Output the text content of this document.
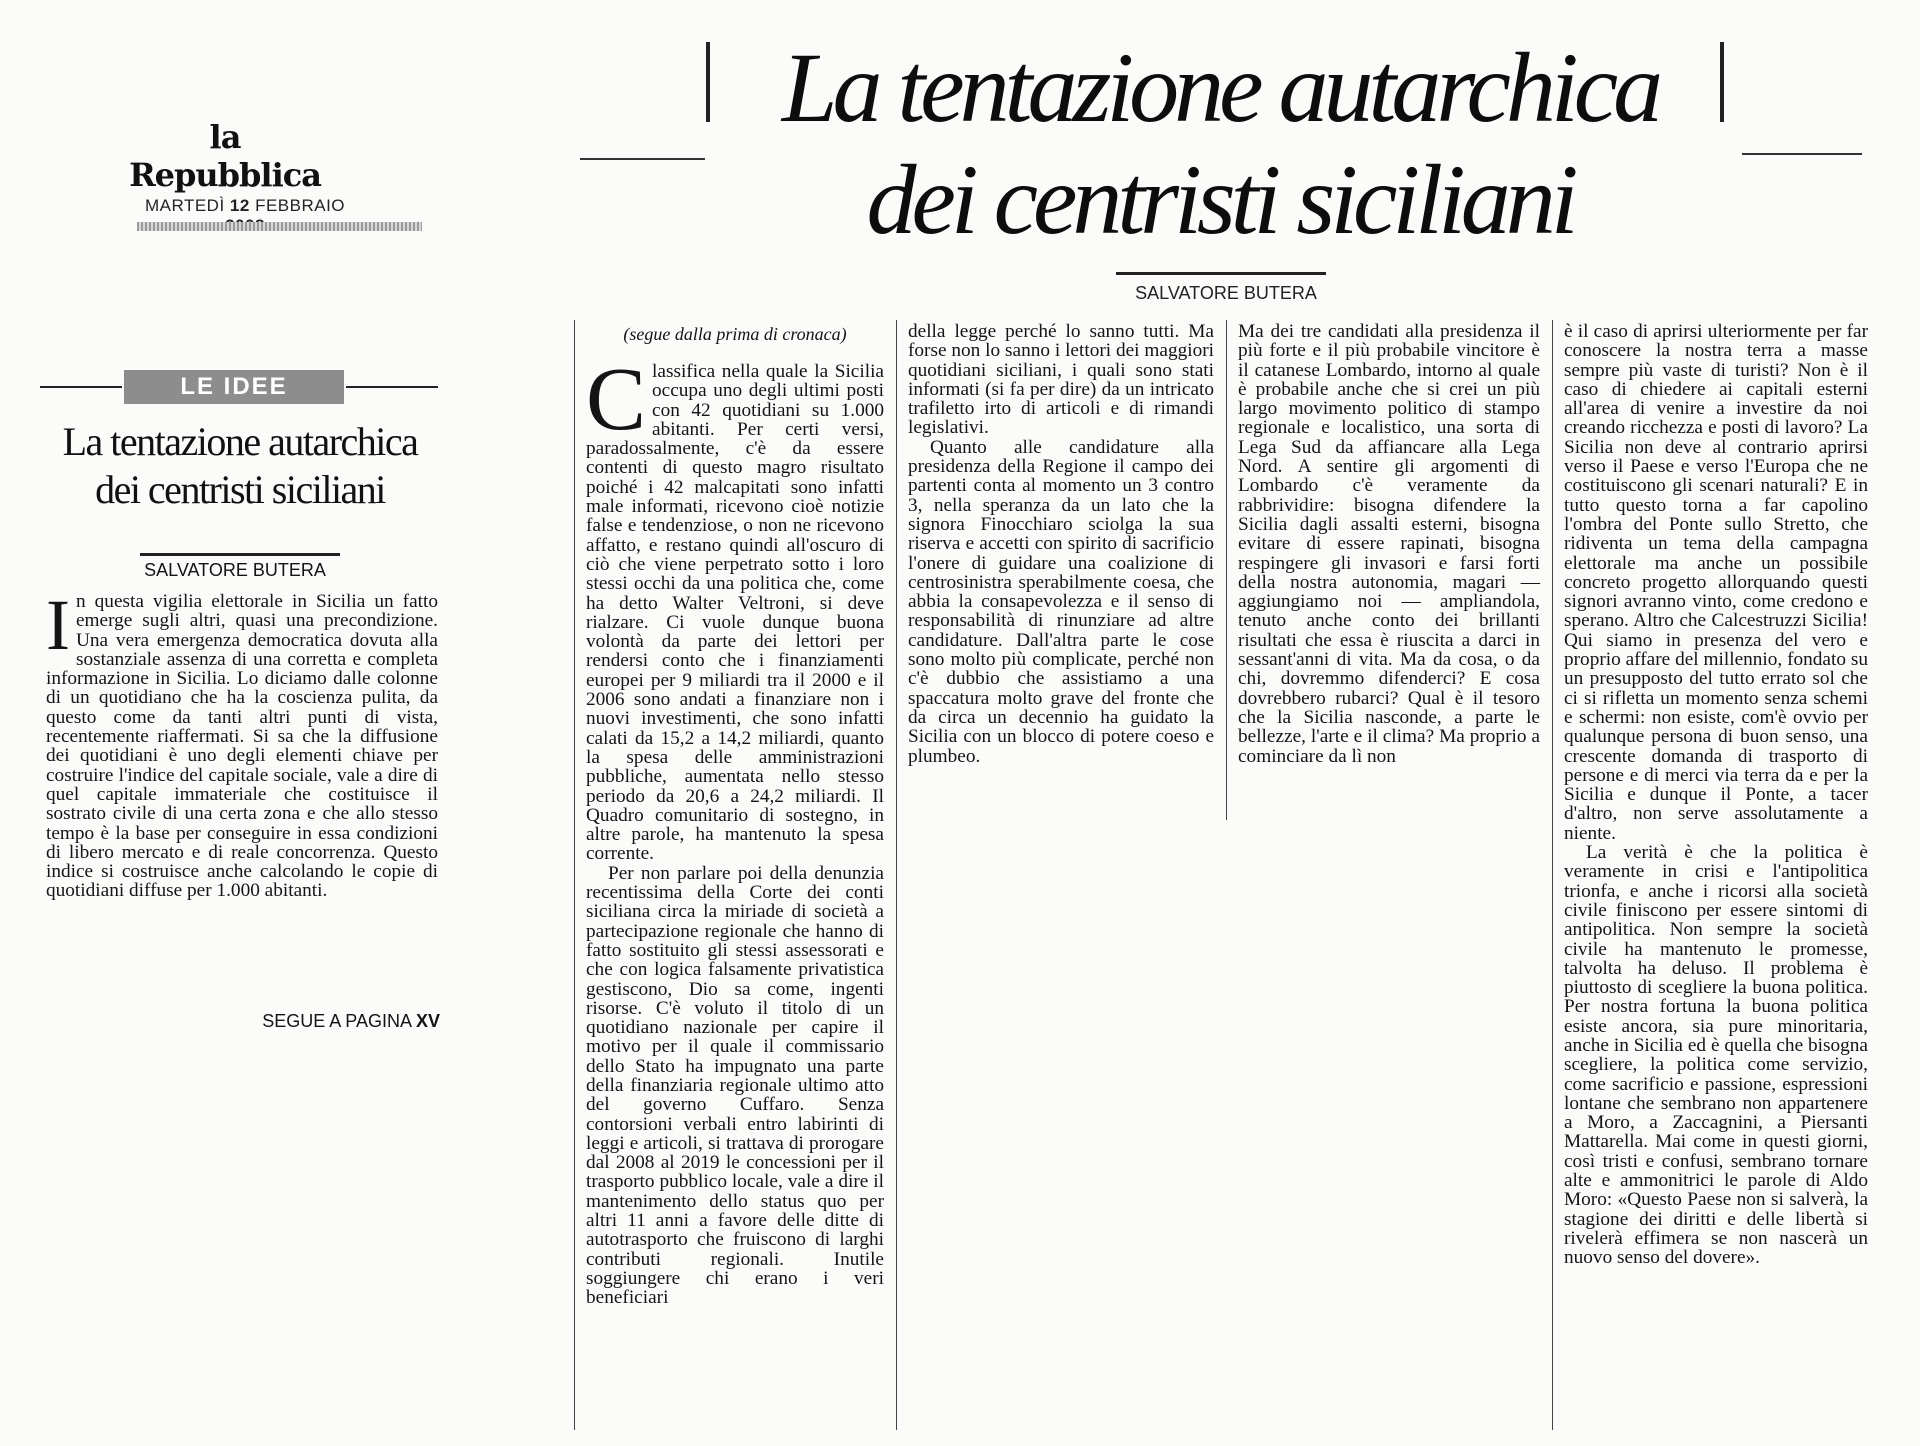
la Repubblica
MARTEDÌ 12 FEBBRAIO
La tentazione autarchica
dei centristi siciliani
SALVATORE BUTERA
(segue dalla prima di cronaca)
LE IDEE
La tentazione autarchica
dei centristi siciliani
SALVATORE BUTERA

In questa vigilia elettorale in Sicilia un fatto emerge sugli altri, quasi una precondizione. Una vera emergenza democratica dovuta alla sostanziale assenza di una corretta e completa informazione in Sicilia. Lo diciamo dalle colonne di un quotidiano che ha la coscienza pulita, da questo come da tanti altri punti di vista, recentemente riaffermati. Si sa che la diffusione dei quotidiani è uno degli elementi chiave per costruire l'indice del capitale sociale, vale a dire di quel capitale immateriale che costituisce il sostrato civile di una certa zona e che allo stesso tempo è la base per conseguire in essa condizioni di libero mercato e di reale concorrenza. Questo indice si costruisce anche calcolando le copie di quotidiani diffuse per 1.000 abitanti.

SEGUE A PAGINA XV

Classifica nella quale la Sicilia occupa uno degli ultimi posti con 42 quotidiani su 1.000 abitanti. Per certi versi, paradossalmente, c'è da essere contenti di questo magro risultato poiché i 42 malcapitati sono infatti male informati, ricevono cioè notizie false e tendenziose, o non ne ricevono affatto, e restano quindi all'oscuro di ciò che viene perpetrato sotto i loro stessi occhi da una politica che, come ha detto Walter Veltroni, si deve rialzare. Ci vuole dunque buona volontà da parte dei lettori per rendersi conto che i finanziamenti europei per 9 miliardi tra il 2000 e il 2006 sono andati a finanziare non i nuovi investimenti, che sono infatti calati da 15,2 a 14,2 miliardi, quanto la spesa delle amministrazioni pubbliche, aumentata nello stesso periodo da 20,6 a 24,2 miliardi. Il Quadro comunitario di sostegno, in altre parole, ha mantenuto la spesa corrente.

Per non parlare poi della denunzia recentissima della Corte dei conti siciliana circa la miriade di società a partecipazione regionale che hanno di fatto sostituito gli stessi assessorati e che con logica falsamente privatistica gestiscono, Dio sa come, ingenti risorse. C'è voluto il titolo di un quotidiano nazionale per capire il motivo per il quale il commissario dello Stato ha impugnato una parte della finanziaria regionale ultimo atto del governo Cuffaro. Senza contorsioni verbali entro labirinti di leggi e articoli, si trattava di prorogare dal 2008 al 2019 le concessioni per il trasporto pubblico locale, vale a dire il mantenimento dello status quo per altri 11 anni a favore delle ditte di autotrasporto che fruiscono di larghi contributi regionali. Inutile soggiungere chi erano i veri beneficiari

della legge perché lo sanno tutti. Ma forse non lo sanno i lettori dei maggiori quotidiani siciliani, i quali sono stati informati (si fa per dire) da un intricato trafiletto irto di articoli e di rimandi legislativi.

Quanto alle candidature alla presidenza della Regione il campo dei partenti conta al momento un 3 contro 3, nella speranza da un lato che la signora Finocchiaro sciolga la sua riserva e accetti con spirito di sacrificio l'onere di guidare una coalizione di centrosinistra sperabilmente coesa, che abbia la consapevolezza e il senso di responsabilità di rinunziare ad altre candidature. Dall'altra parte le cose sono molto più complicate, perché non c'è dubbio che assistiamo a una spaccatura molto grave del fronte che da circa un decennio ha guidato la Sicilia con un blocco di potere coeso e plumbeo.

Ma dei tre candidati alla presidenza il più forte e il più probabile vincitore è il catanese Lombardo, intorno al quale è probabile anche che si crei un più largo movimento politico di stampo regionale e localistico, una sorta di Lega Sud da affiancare alla Lega Nord. A sentire gli argomenti di Lombardo c'è veramente da rabbrividire: bisogna difendere la Sicilia dagli assalti esterni, bisogna evitare di essere rapinati, bisogna respingere gli invasori e farsi forti della nostra autonomia, magari — aggiungiamo noi — ampliandola, tenuto anche conto dei brillanti risultati che essa è riuscita a darci in sessant'anni di vita. Ma da cosa, o da chi, dovremmo difenderci? E cosa dovrebbero rubarci? Qual è il tesoro che la Sicilia nasconde, a parte le bellezze, l'arte e il clima? Ma proprio a cominciare da lì non

è il caso di aprirsi ulteriormente per far conoscere la nostra terra a masse sempre più vaste di turisti? Non è il caso di chiedere ai capitali esterni all'area di venire a investire da noi creando ricchezza e posti di lavoro? La Sicilia non deve al contrario aprirsi verso il Paese e verso l'Europa che ne costituiscono gli scenari naturali? E in tutto questo torna a far capolino l'ombra del Ponte sullo Stretto, che ridiventa un tema della campagna elettorale ma anche un possibile concreto progetto allorquando questi signori avranno vinto, come credono e sperano. Altro che Calcestruzzi Sicilia! Qui siamo in presenza del vero e proprio affare del millennio, fondato su un presupposto del tutto errato sol che ci si rifletta un momento senza schemi e schermi: non esiste, com'è ovvio per qualunque persona di buon senso, una crescente domanda di trasporto di persone e di merci via terra da e per la Sicilia e dunque il Ponte, a tacer d'altro, non serve assolutamente a niente.

La verità è che la politica è veramente in crisi e l'antipolitica trionfa, e anche i ricorsi alla società civile finiscono per essere sintomi di antipolitica. Non sempre la società civile ha mantenuto le promesse, talvolta ha deluso. Il problema è piuttosto di scegliere la buona politica. Per nostra fortuna la buona politica esiste ancora, sia pure minoritaria, anche in Sicilia ed è quella che bisogna scegliere, la politica come servizio, come sacrificio e passione, espressioni lontane che sembrano non appartenere a Moro, a Zaccagnini, a Piersanti Mattarella. Mai come in questi giorni, così tristi e confusi, sembrano tornare alte e ammonitrici le parole di Aldo Moro: «Questo Paese non si salverà, la stagione dei diritti e delle libertà si rivelerà effimera se non nascerà un nuovo senso del dovere».
